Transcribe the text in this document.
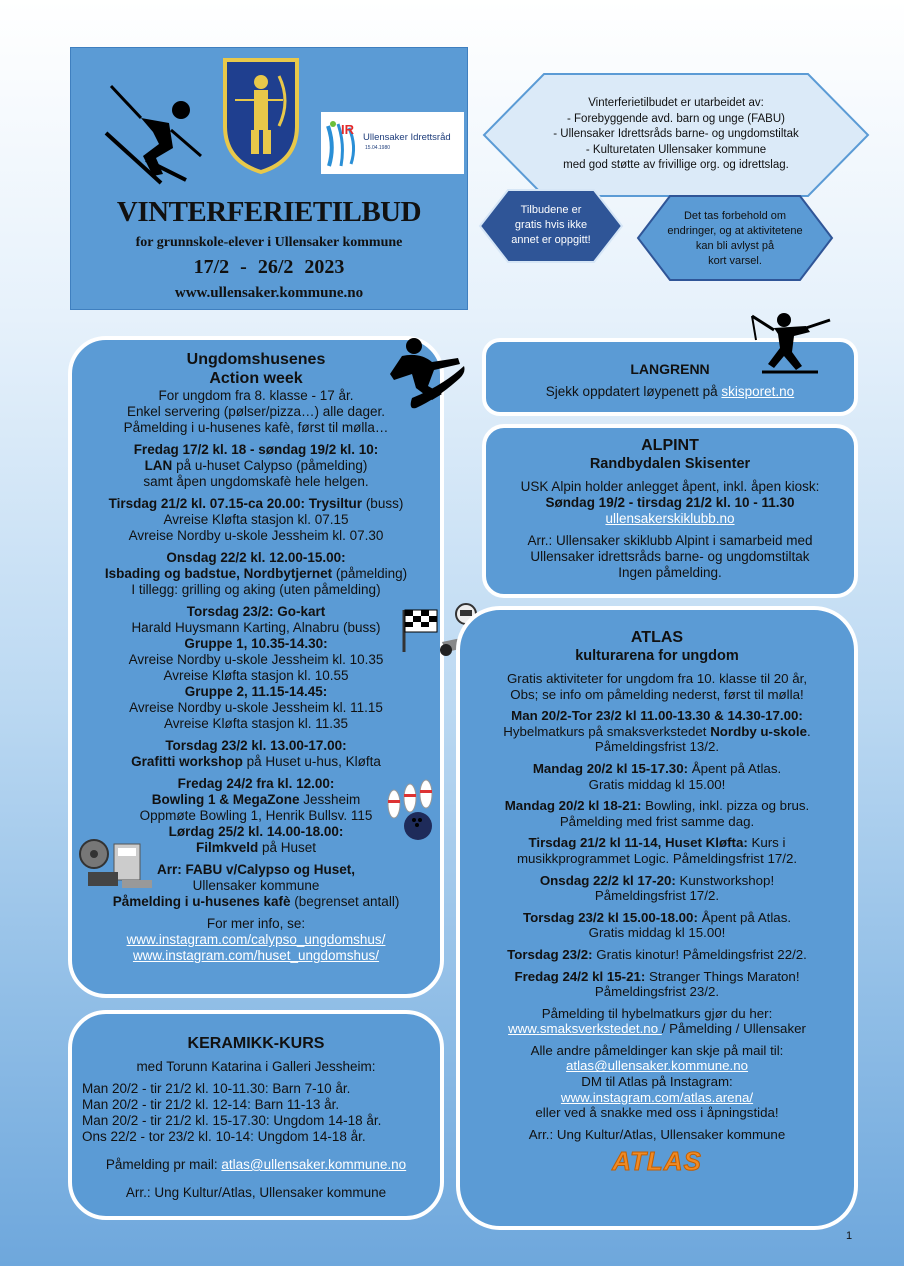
IR
Ullensaker Idrettsråd
15.04.1980
VINTERFERIETILBUD
for grunnskole-elever i Ullensaker kommune
17/2 - 26/2 2023
www.ullensaker.kommune.no
Vinterferietilbudet er utarbeidet av:
- Forebyggende avd. barn og unge (FABU)
- Ullensaker Idrettsråds barne- og ungdomstiltak
- Kulturetaten Ullensaker kommune
med god støtte av frivillige org. og idrettslag.
Tilbudene er
gratis hvis ikke
annet er oppgitt!
Det tas forbehold om
endringer, og at aktivitetene
kan bli avlyst på
kort varsel.
Ungdomshusenes
Action week

For ungdom fra 8. klasse - 17 år.

Enkel servering (pølser/pizza…) alle dager.

Påmelding i u-husenes kafè, først til mølla…

Fredag 17/2 kl. 18 - søndag 19/2 kl. 10:

LAN på u-huset Calypso (påmelding)

samt åpen ungdomskafè hele helgen.

Tirsdag 21/2 kl. 07.15-ca 20.00: Trysiltur (buss)

Avreise Kløfta stasjon kl. 07.15

Avreise Nordby u-skole Jessheim kl. 07.30

Onsdag 22/2 kl. 12.00-15.00:

Isbading og badstue, Nordbytjernet (påmelding)

I tillegg: grilling og aking (uten påmelding)

Torsdag 23/2: Go-kart

Harald Huysmann Karting, Alnabru (buss)

Gruppe 1, 10.35-14.30:

Avreise Nordby u-skole Jessheim kl. 10.35

Avreise Kløfta stasjon kl. 10.55

Gruppe 2, 11.15-14.45:

Avreise Nordby u-skole Jessheim kl. 11.15

Avreise Kløfta stasjon kl. 11.35

Torsdag 23/2 kl. 13.00-17.00:

Grafitti workshop på Huset u-hus, Kløfta

Fredag 24/2 fra kl. 12.00:

Bowling 1 & MegaZone Jessheim

Oppmøte Bowling 1, Henrik Bullsv. 115

Lørdag 25/2 kl. 14.00-18.00:

Filmkveld på Huset

Arr: FABU v/Calypso og Huset,

Ullensaker kommune

Påmelding i u-husenes kafè (begrenset antall)

For mer info, se:

www.instagram.com/calypso_ungdomshus/

www.instagram.com/huset_ungdomshus/

KERAMIKK-KURS

med Torunn Katarina i Galleri Jessheim:

Man 20/2 - tir 21/2 kl. 10-11.30: Barn 7-10 år.

Man 20/2 - tir 21/2 kl. 12-14: Barn 11-13 år.

Man 20/2 - tir 21/2 kl. 15-17.30: Ungdom 14-18 år.

Ons 22/2 - tor 23/2 kl. 10-14: Ungdom 14-18 år.

Påmelding pr mail: atlas@ullensaker.kommune.no

Arr.: Ung Kultur/Atlas, Ullensaker kommune

LANGRENN

Sjekk oppdatert løypenett på skisporet.no

ALPINT
Randbydalen Skisenter

USK Alpin holder anlegget åpent, inkl. åpen kiosk:

Søndag 19/2 - tirsdag 21/2 kl. 10 - 11.30

ullensakerskiklubb.no

Arr.: Ullensaker skiklubb Alpint i samarbeid med

Ullensaker idrettsråds barne- og ungdomstiltak

Ingen påmelding.

ATLAS
kulturarena for ungdom

Gratis aktiviteter for ungdom fra 10. klasse til 20 år,

Obs; se info om påmelding nederst, først til mølla!

Man 20/2-Tor 23/2 kl 11.00-13.30 & 14.30-17.00:

Hybelmatkurs på smaksverkstedet Nordby u-skole.

Påmeldingsfrist 13/2.

Mandag 20/2 kl 15-17.30: Åpent på Atlas.

Gratis middag kl 15.00!

Mandag 20/2 kl 18-21: Bowling, inkl. pizza og brus.

Påmelding med frist samme dag.

Tirsdag 21/2 kl 11-14, Huset Kløfta: Kurs i

musikkprogrammet Logic. Påmeldingsfrist 17/2.

Onsdag 22/2 kl 17-20: Kunstworkshop!

Påmeldingsfrist 17/2.

Torsdag 23/2 kl 15.00-18.00: Åpent på Atlas.

Gratis middag kl 15.00!

Torsdag 23/2: Gratis kinotur! Påmeldingsfrist 22/2.

Fredag 24/2 kl 15-21: Stranger Things Maraton!

Påmeldingsfrist 23/2.

Påmelding til hybelmatkurs gjør du her:

www.smaksverkstedet.no / Påmelding / Ullensaker

Alle andre påmeldinger kan skje på mail til:

atlas@ullensaker.kommune.no

DM til Atlas på Instagram:

www.instagram.com/atlas.arena/

eller ved å snakke med oss i åpningstida!

Arr.: Ung Kultur/Atlas, Ullensaker kommune

ATLAS
1
